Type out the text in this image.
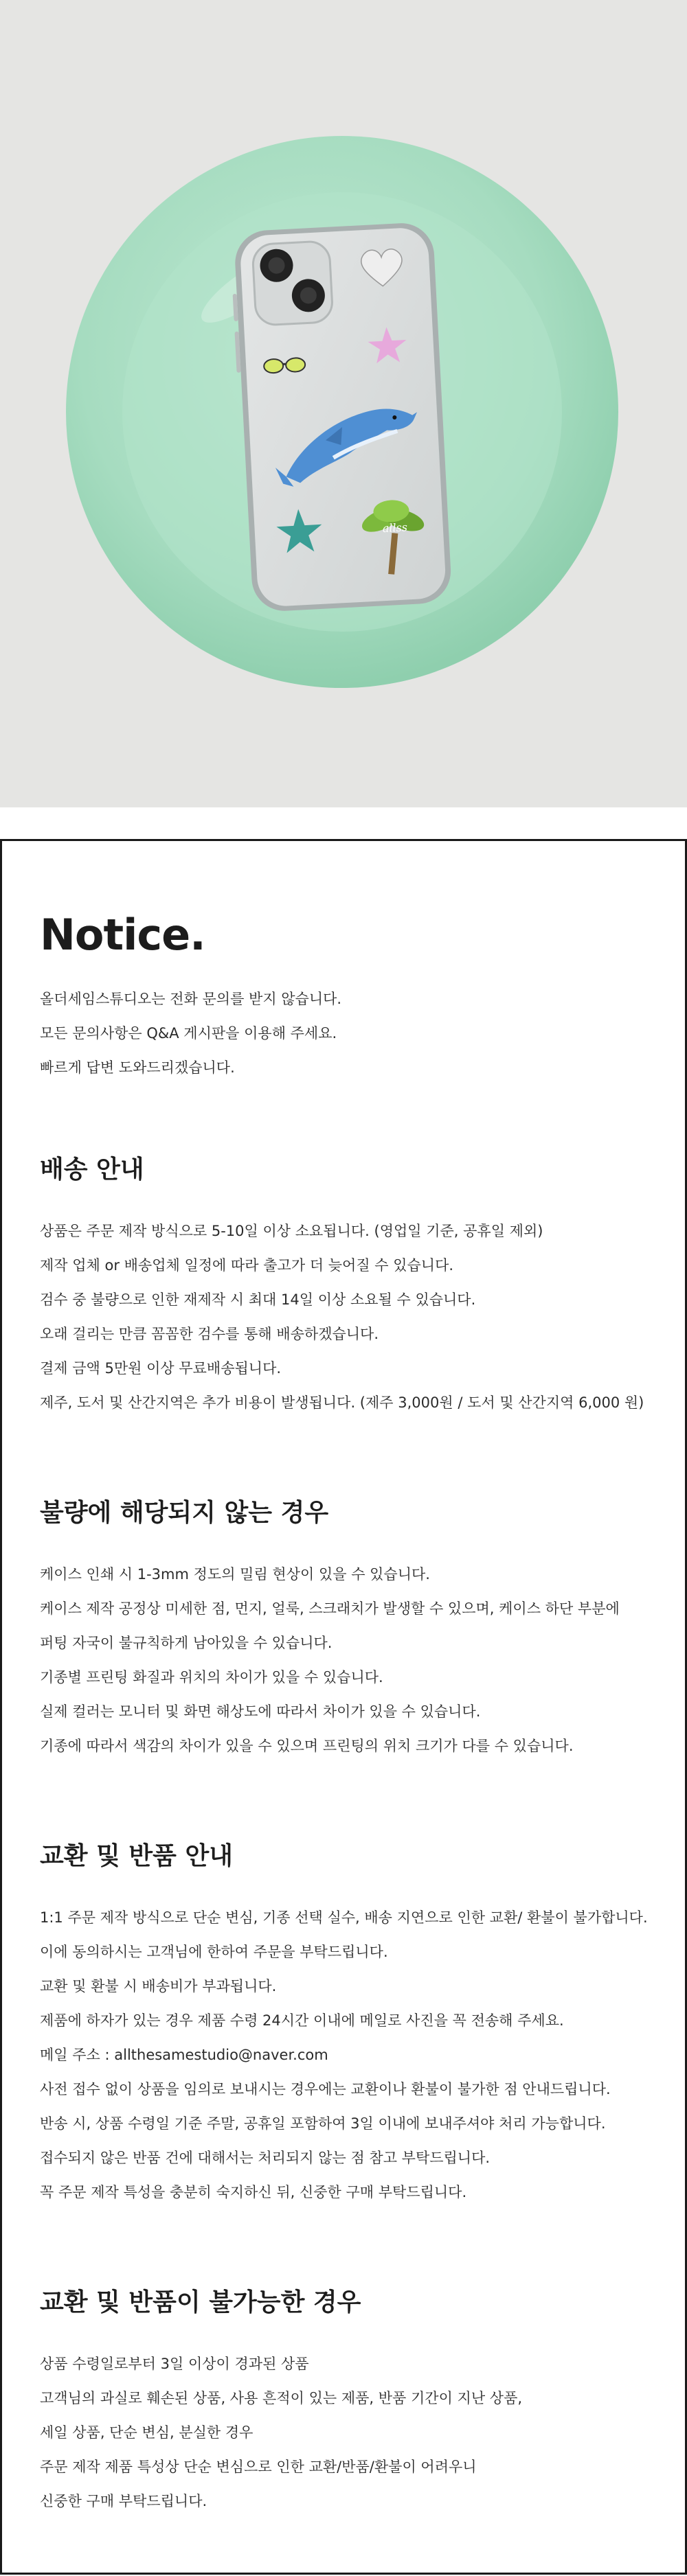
allss
Notice.

올더세임스튜디오는 전화 문의를 받지 않습니다.

모든 문의사항은 Q&A 게시판을 이용해 주세요.

빠르게 답변 도와드리겠습니다.

배송 안내

상품은 주문 제작 방식으로 5-10일 이상 소요됩니다. (영업일 기준, 공휴일 제외)

제작 업체 or 배송업체 일정에 따라 출고가 더 늦어질 수 있습니다.

검수 중 불량으로 인한 재제작 시 최대 14일 이상 소요될 수 있습니다.

오래 걸리는 만큼 꼼꼼한 검수를 통해 배송하겠습니다.

결제 금액 5만원 이상 무료배송됩니다.

제주, 도서 및 산간지역은 추가 비용이 발생됩니다. (제주 3,000원 / 도서 및 산간지역 6,000 원)

불량에 해당되지 않는 경우

케이스 인쇄 시 1-3mm 정도의 밀림 현상이 있을 수 있습니다.

케이스 제작 공정상 미세한 점, 먼지, 얼룩, 스크래치가 발생할 수 있으며, 케이스 하단 부분에

퍼팅 자국이 불규칙하게 남아있을 수 있습니다.

기종별 프린팅 화질과 위치의 차이가 있을 수 있습니다.

실제 컬러는 모니터 및 화면 해상도에 따라서 차이가 있을 수 있습니다.

기종에 따라서 색감의 차이가 있을 수 있으며 프린팅의 위치 크기가 다를 수 있습니다.

교환 및 반품 안내

1:1 주문 제작 방식으로 단순 변심, 기종 선택 실수, 배송 지연으로 인한 교환/ 환불이 불가합니다.

이에 동의하시는 고객님에 한하여 주문을 부탁드립니다.

교환 및 환불 시 배송비가 부과됩니다.

제품에 하자가 있는 경우 제품 수령 24시간 이내에 메일로 사진을 꼭 전송해 주세요.

메일 주소 : allthesamestudio@naver.com

사전 접수 없이 상품을 임의로 보내시는 경우에는 교환이나 환불이 불가한 점 안내드립니다.

반송 시, 상품 수령일 기준 주말, 공휴일 포함하여 3일 이내에 보내주셔야 처리 가능합니다.

접수되지 않은 반품 건에 대해서는 처리되지 않는 점 참고 부탁드립니다.

꼭 주문 제작 특성을 충분히 숙지하신 뒤, 신중한 구매 부탁드립니다.

교환 및 반품이 불가능한 경우

상품 수령일로부터 3일 이상이 경과된 상품

고객님의 과실로 훼손된 상품, 사용 흔적이 있는 제품, 반품 기간이 지난 상품,

세일 상품, 단순 변심, 분실한 경우

주문 제작 제품 특성상 단순 변심으로 인한 교환/반품/환불이 어려우니

신중한 구매 부탁드립니다.
